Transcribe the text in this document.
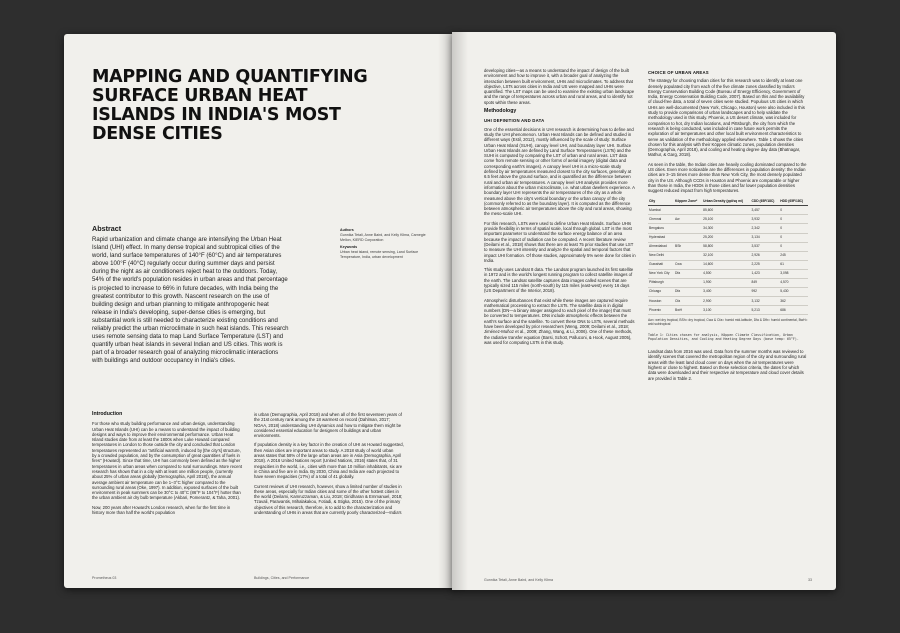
MAPPING AND QUANTIFYING SURFACE URBAN HEAT ISLANDS IN INDIA'S MOST DENSE CITIES
Abstract

Rapid urbanization and climate change are intensifying the Urban Heat Island (UHI) effect. In many dense tropical and subtropical cities of the world, land surface temperatures of 140°F (60°C) and air temperatures above 100°F (40°C) regularly occur during summer days and persist during the night as air conditioners reject heat to the outdoors. Today, 54% of the world's population resides in urban areas and that percentage is projected to increase to 66% in future decades, with India being the greatest contributor to this growth. Nascent research on the use of building design and urban planning to mitigate anthropogenic heat release in India's developing, super-dense cities is emerging, but substantial work is still needed to characterize existing conditions and reliably predict the urban microclimate in such heat islands. This research uses remote sensing data to map Land Surface Temperature (LST) and quantify urban heat islands in several Indian and US cities. This work is part of a broader research goal of analyzing microclimatic interactions with buildings and outdoor occupancy in India's cities.

Authors
Gunnika Tetali, Anne Baird, and Kelly Klima, Carnegie Mellon, KIERD Corporation
Keywords
Urban heat island, remote sensing, Land Surface Temperature, India, urban development
Introduction

For those who study building performance and urban design, understanding Urban Heat Islands (UHI) can be a means to understand the impact of building designs and ways to improve their environmental performance. Urban Heat Island studies date from at least the 1800s when Luke Howard compared temperatures in London to those outside the city and concluded that London temperatures represented an "artificial warmth, induced by [the city's] structure, by a crowded population, and by the consumption of great quantities of fuels in fires" (Howard). Since that time, UHI has commonly been defined as the higher temperatures in urban areas when compared to rural surroundings. More recent research has shown that in a city with at least one million people, (currently about 25% of urban areas globally (Demographia, April 2018)), the annual average ambient air temperature can be 1–3°C higher compared to the surrounding rural areas (Oke, 1997). In addition, exposed surfaces of the built environment in peak summers can be 30°C to 40°C (86°F to 104°F) hotter than the urban ambient air dry bulb temperature (Akbari, Pomerantz, & Taha, 2001).

Now, 200 years after Howard's London research, when for the first time in history more than half the world's population

is urban (Demographia, April 2018) and when all of the first seventeen years of the 21st century rank among the 18 warmest on record (Dahlman, 2017; NOAA, 2018) understanding UHI dynamics and how to mitigate them might be considered essential education for designers of buildings and urban environments.

If population density is a key factor in the creation of UHI as Howard suggested, then Asian cities are important areas to study. A 2018 study of world urban areas states that 58% of the large urban areas are in Asia (Demographia, April 2018). A 2016 United Nations report (United Nations, 2016) states that, of 31 megacities in the world, i.e., cities with more than 10 million inhabitants, six are in China and five are in India. By 2030, China and India are each projected to have seven megacities (17%) of a total of 41 globally.

Current reviews of UHI research, however, show a limited number of studies in these areas, especially for Indian cities and some of the other hottest cities in the world (Deilami, Kamruzzaman, & Liu, 2018; Giridharan & Emmanuel, 2018; Tzavali, Paravantis, Mihalakakou, Fotiadi, & Stigka, 2015). One of the primary objectives of this research, therefore, is to add to the characterization and understanding of UHIs in areas that are currently poorly characterized—India's

Prometheus 03	Buildings, Cities, and Performance

developing cities—as a means to understand the impact of design of the built environment and how to improve it, with a broader goal of analyzing the interaction between built environment, UHIs and microclimates. To address that objective, LSTs across cities in India and US were mapped and UHIs were quantified. The LST maps can be used to examine the existing urban landscape and the range of temperatures across urban and rural areas, and to identify hot spots within these areas.

Methodology
UHI DEFINITION AND DATA

One of the essential decisions in UHI research is determining how to define and study the UHI phenomenon. Urban Heat Islands can be defined and studied in different ways (Estil, 2012), mostly influenced by the scale of study: Surface Urban Heat Island (SUHI), canopy level UHI, and boundary layer UHI. Surface Urban Heat Islands are defined by Land Surface Temperatures (LSTs) and the SUHI is computed by comparing the LST of urban and rural areas. LST data come from remote sensing or other forms of aerial imagery (digital data and corresponding earth's images). A canopy level UHI is a micro-scale study defined by air temperatures measured closest to the city surfaces, generally at 6.5 feet above the ground surface, and is quantified as the difference between rural and urban air temperatures. A canopy level UHI analysis provides more information about the urban microclimate, i.e. what urban dwellers experience. A boundary layer UHI represents the air temperatures of the city as a whole measured above the city's vertical boundary or the urban canopy of the city (commonly referred to as the boundary layer). It is computed as the difference between atmospheric air temperatures above the city and rural areas, showing the meso-scale UHI.

For this research, LSTs were used to define Urban Heat Islands. Surface UHIs provide flexibility in terms of spatial scale, local through global. LST is the most important parameter to understand the surface energy balance of an area because the impact of radiation can be computed. A recent literature review (Deilami et al., 2018) shows that there are at least 75 prior studies that use LST to measure the UHI intensity and analyze the spatial and temporal factors that impact UHI formation. Of those studies, approximately 5% were done for cities in India.

This study uses Landsat 8 data. The Landsat program launched its first satellite in 1972 and is the world's longest running program to collect satellite images of the earth. The Landsat satellite captures data images called scenes that are typically sized 115 miles (north-south) by 115 miles (east-west) every 16 days (US Department of the Interior, 2018).

Atmospheric disturbances that exist while these images are captured require mathematical processing to extract the LSTs. The satellite data is in digital numbers (DN—a binary integer assigned to each pixel of the image) that must be converted to temperatures. DNs include atmospheric effects between the earth's surface and the satellite. To convert these DNs to LSTs, several methods have been developed by prior researchers (Weng, 2009; Deilami et al., 2018; Jiménez-Muñoz et al., 2009; Zhang, Wang, & Li, 2006). One of these methods, the radiative transfer equation (Barsi, Schott, Palluconi, & Hook, August 2005), was used for computing LSTs in this study.

CHOICE OF URBAN AREAS

The strategy for choosing Indian cities for this research was to identify at least one densely populated city from each of the five climate zones classified by India's Energy Conservation Building Code (Bureau of Energy Efficiency, Government of India, Energy Conservation Building Code, 2007). Based on this and the availability of cloud-free data, a total of seven cities were studied. Populous US cities in which UHIs are well-documented (New York, Chicago, Houston) were also included in this study to provide comparisons of urban landscapes and to help validate the methodology used in this study. Phoenix, a US desert climate, was included for comparison to hot, dry Indian locations, and Pittsburgh, the city from which the research is being conducted, was included in case future work permits the exploration of air temperatures and other local built environment characteristics to serve as validation of the methodology applied elsewhere. Table 1 shows the cities chosen for this analysis with their Köppen climatic zones, population densities (Demographia, April 2018), and cooling and heating degree day data (Bhatnagar, Mathur, & Garg, 2018).

As seen in the table, the Indian cities are heavily cooling dominated compared to the US cities. Even more noticeable are the differences in population density: the Indian cities are 3–15 times more dense than New York City, the most densely populated city in the US. Although CCDs in Houston and Phoenix are comparable or higher than those in India, the HDDs in those cities and far lower population densities suggest reduced impact from high temperatures.

City	Köppen Zone*	Urban Density (ppl/sq mi)	CDD (65F/18C)	HDD (65F/18C)
Mumbai		85,600	3,457	0
Chennai	Aw	25,100	3,932	0
Bengaluru		34,300	2,342	0
Hyderabad		25,200	3,134	0
Ahmedabad	BSh	58,800	3,537	0
New Delhi		32,100	2,926	245
Guwahati	Cwa	14,600	2,225	61
New York City	Dfa	4,500	1,423	3,098
Pittsburgh		1,900	849	4,570
Chicago	Dfa	3,400	992	5,430
Houston	Cfa	2,900	3,132	362
Phoenix	BwH	3,100	5,213	686
Aw= wet dry tropical, BSh= dry tropical, Cwa & Cfa= humid mid-latitude, Dfa & Dfb= humid continental, BwH= arid subtropical
Table 1: Cities chosen for analysis, Köppen Climate Classification, Urban Population Densities, and Cooling and Heating Degree Days (base temp: 65°F).

Landsat data from 2016 was used. Data from the summer months was reviewed to identify scenes that covered the metropolitan region of the city and surrounding rural areas with the least land cloud cover on days when the air temperatures were highest or close to highest. Based on these selection criteria, the dates for which data were downloaded and their respective air temperature and cloud cover details are provided in Table 2.

Gunnika Tetali, Anne Baird, and Kelly Klima	33
